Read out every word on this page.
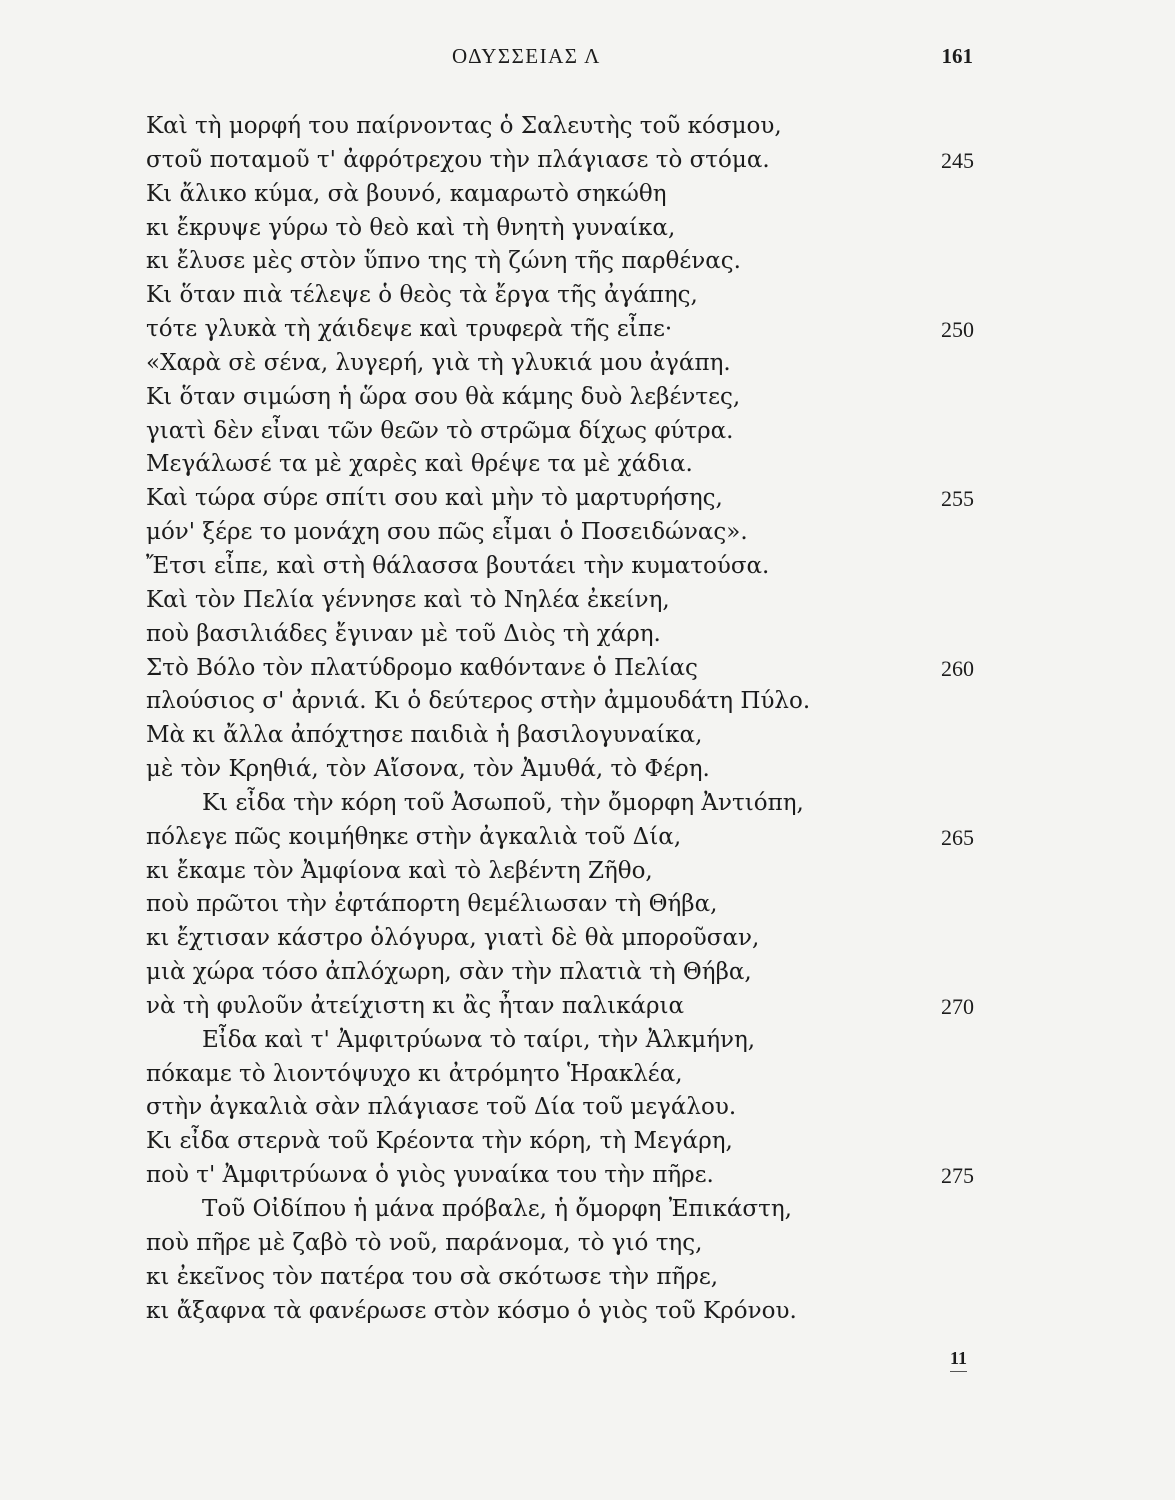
ΟΔΥΣΣΕΙΑΣ Λ	161
Καὶ τὴ μορφή του παίρνοντας ὁ Σαλευτὴς τοῦ κόσμου,
στοῦ ποταμοῦ τ' ἀφρότρεχου τὴν πλάγιασε τὸ στόμα.	245
Κι ἄλικο κύμα, σὰ βουνό, καμαρωτὸ σηκώθη
κι ἔκρυψε γύρω τὸ θεὸ καὶ τὴ θνητὴ γυναίκα,
κι ἔλυσε μὲς στὸν ὕπνο της τὴ ζώνη τῆς παρθένας.
Κι ὅταν πιὰ τέλεψε ὁ θεὸς τὰ ἔργα τῆς ἀγάπης,
τότε γλυκὰ τὴ χάιδεψε καὶ τρυφερὰ τῆς εἶπε·	250
«Χαρὰ σὲ σένα, λυγερή, γιὰ τὴ γλυκιά μου ἀγάπη.
Κι ὅταν σιμώση ἡ ὥρα σου θὰ κάμης δυὸ λεβέντες,
γιατὶ δὲν εἶναι τῶν θεῶν τὸ στρῶμα δίχως φύτρα.
Μεγάλωσέ τα μὲ χαρὲς καὶ θρέψε τα μὲ χάδια.
Καὶ τώρα σύρε σπίτι σου καὶ μὴν τὸ μαρτυρήσης,	255
μόν' ξέρε το μονάχη σου πῶς εἶμαι ὁ Ποσειδώνας».
Ἔτσι εἶπε, καὶ στὴ θάλασσα βουτάει τὴν κυματούσα.
Καὶ τὸν Πελία γέννησε καὶ τὸ Νηλέα ἐκείνη,
ποὺ βασιλιάδες ἔγιναν μὲ τοῦ Διὸς τὴ χάρη.
Στὸ Βόλο τὸν πλατύδρομο καθόντανε ὁ Πελίας	260
πλούσιος σ' ἀρνιά. Κι ὁ δεύτερος στὴν ἀμμουδάτη Πύλο.
Μὰ κι ἄλλα ἀπόχτησε παιδιὰ ἡ βασιλογυναίκα,
μὲ τὸν Κρηθιά, τὸν Αἴσονα, τὸν Ἀμυθά, τὸ Φέρη.
Κι εἶδα τὴν κόρη τοῦ Ἀσωποῦ, τὴν ὄμορφη Ἀντιόπη,
πόλεγε πῶς κοιμήθηκε στὴν ἀγκαλιὰ τοῦ Δία,	265
κι ἔκαμε τὸν Ἀμφίονα καὶ τὸ λεβέντη Ζῆθο,
ποὺ πρῶτοι τὴν ἐφτάπορτη θεμέλιωσαν τὴ Θήβα,
κι ἔχτισαν κάστρο ὁλόγυρα, γιατὶ δὲ θὰ μποροῦσαν,
μιὰ χώρα τόσο ἀπλόχωρη, σὰν τὴν πλατιὰ τὴ Θήβα,
νὰ τὴ φυλοῦν ἀτείχιστη κι ἂς ἦταν παλικάρια	270
Εἶδα καὶ τ' Ἀμφιτρύωνα τὸ ταίρι, τὴν Ἀλκμήνη,
πόκαμε τὸ λιοντόψυχο κι ἀτρόμητο Ἡρακλέα,
στὴν ἀγκαλιὰ σὰν πλάγιασε τοῦ Δία τοῦ μεγάλου.
Κι εἶδα στερνὰ τοῦ Κρέοντα τὴν κόρη, τὴ Μεγάρη,
ποὺ τ' Ἀμφιτρύωνα ὁ γιὸς γυναίκα του τὴν πῆρε.	275
Τοῦ Οἰδίπου ἡ μάνα πρόβαλε, ἡ ὄμορφη Ἐπικάστη,
ποὺ πῆρε μὲ ζαβὸ τὸ νοῦ, παράνομα, τὸ γιό της,
κι ἐκεῖνος τὸν πατέρα του σὰ σκότωσε τὴν πῆρε,
κι ἄξαφνα τὰ φανέρωσε στὸν κόσμο ὁ γιὸς τοῦ Κρόνου.
11
